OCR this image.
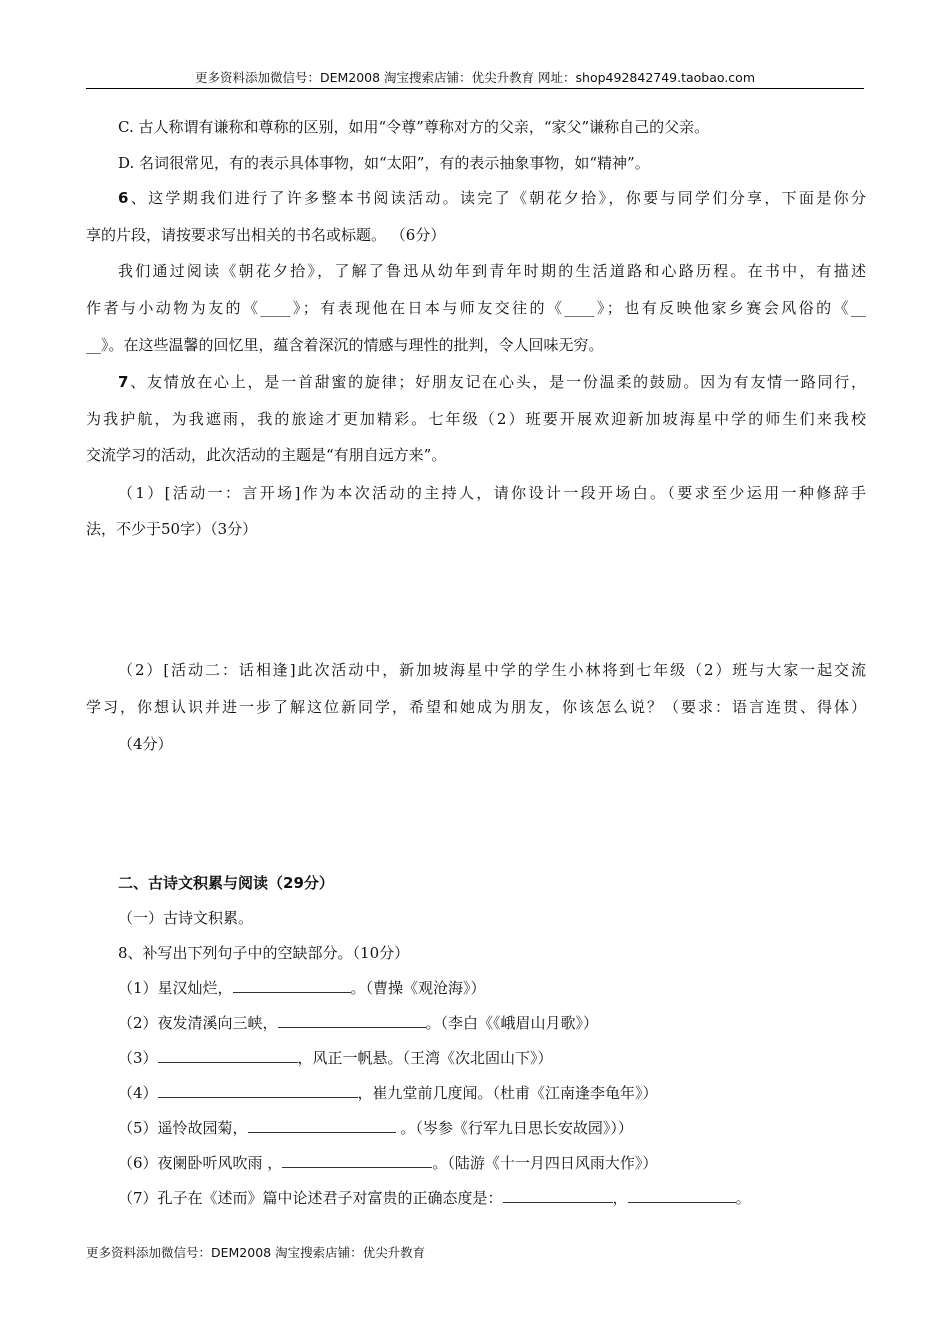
更多资料添加微信号：DEM2008 淘宝搜索店铺：优尖升教育 网址：shop492842749.taobao.com
C. 古人称谓有谦称和尊称的区别，如用“令尊”尊称对方的父亲，“家父”谦称自己的父亲。
D. 名词很常见，有的表示具体事物，如“太阳”，有的表示抽象事物，如“精神”。
6、这学期我们进行了许多整本书阅读活动。读完了《朝花夕拾》，你要与同学们分享，下面是你分
享的片段，请按要求写出相关的书名或标题。 （6分）
我们通过阅读《朝花夕拾》，了解了鲁迅从幼年到青年时期的生活道路和心路历程。在书中，有描述
作者与小动物为友的《____》；有表现他在日本与师友交往的《____》；也有反映他家乡赛会风俗的《__
__》。在这些温馨的回忆里，蕴含着深沉的情感与理性的批判，令人回味无穷。
7、友情放在心上，是一首甜蜜的旋律；好朋友记在心头，是一份温柔的鼓励。因为有友情一路同行，
为我护航，为我遮雨，我的旅途才更加精彩。七年级（2）班要开展欢迎新加坡海星中学的师生们来我校
交流学习的活动，此次活动的主题是“有朋自远方来”。
（1）[活动一：言开场]作为本次活动的主持人，请你设计一段开场白。（要求至少运用一种修辞手
法，不少于50字）（3分）
（2）[活动二：话相逢]此次活动中，新加坡海星中学的学生小林将到七年级（2）班与大家一起交流
学习，你想认识并进一步了解这位新同学，希望和她成为朋友，你该怎么说？（要求：语言连贯、得体）
（4分）
二、古诗文积累与阅读（29分）
（一）古诗文积累。
8、补写出下列句子中的空缺部分。（10分）
（1）星汉灿烂，	。（曹操《观沧海》）
（2）夜发清溪向三峡，	。（李白《《峨眉山月歌》）
（3）	，风正一帆悬。（王湾《次北固山下》）
（4）	，崔九堂前几度闻。（杜甫《江南逢李龟年》）
（5）遥怜故园菊，	。（岑参《行军九日思长安故园》））
（6）夜阑卧听风吹雨 ，	。（陆游《十一月四日风雨大作》）
（7）孔子在《述而》篇中论述君子对富贵的正确态度是：	，	。
更多资料添加微信号：DEM2008 淘宝搜索店铺：优尖升教育
